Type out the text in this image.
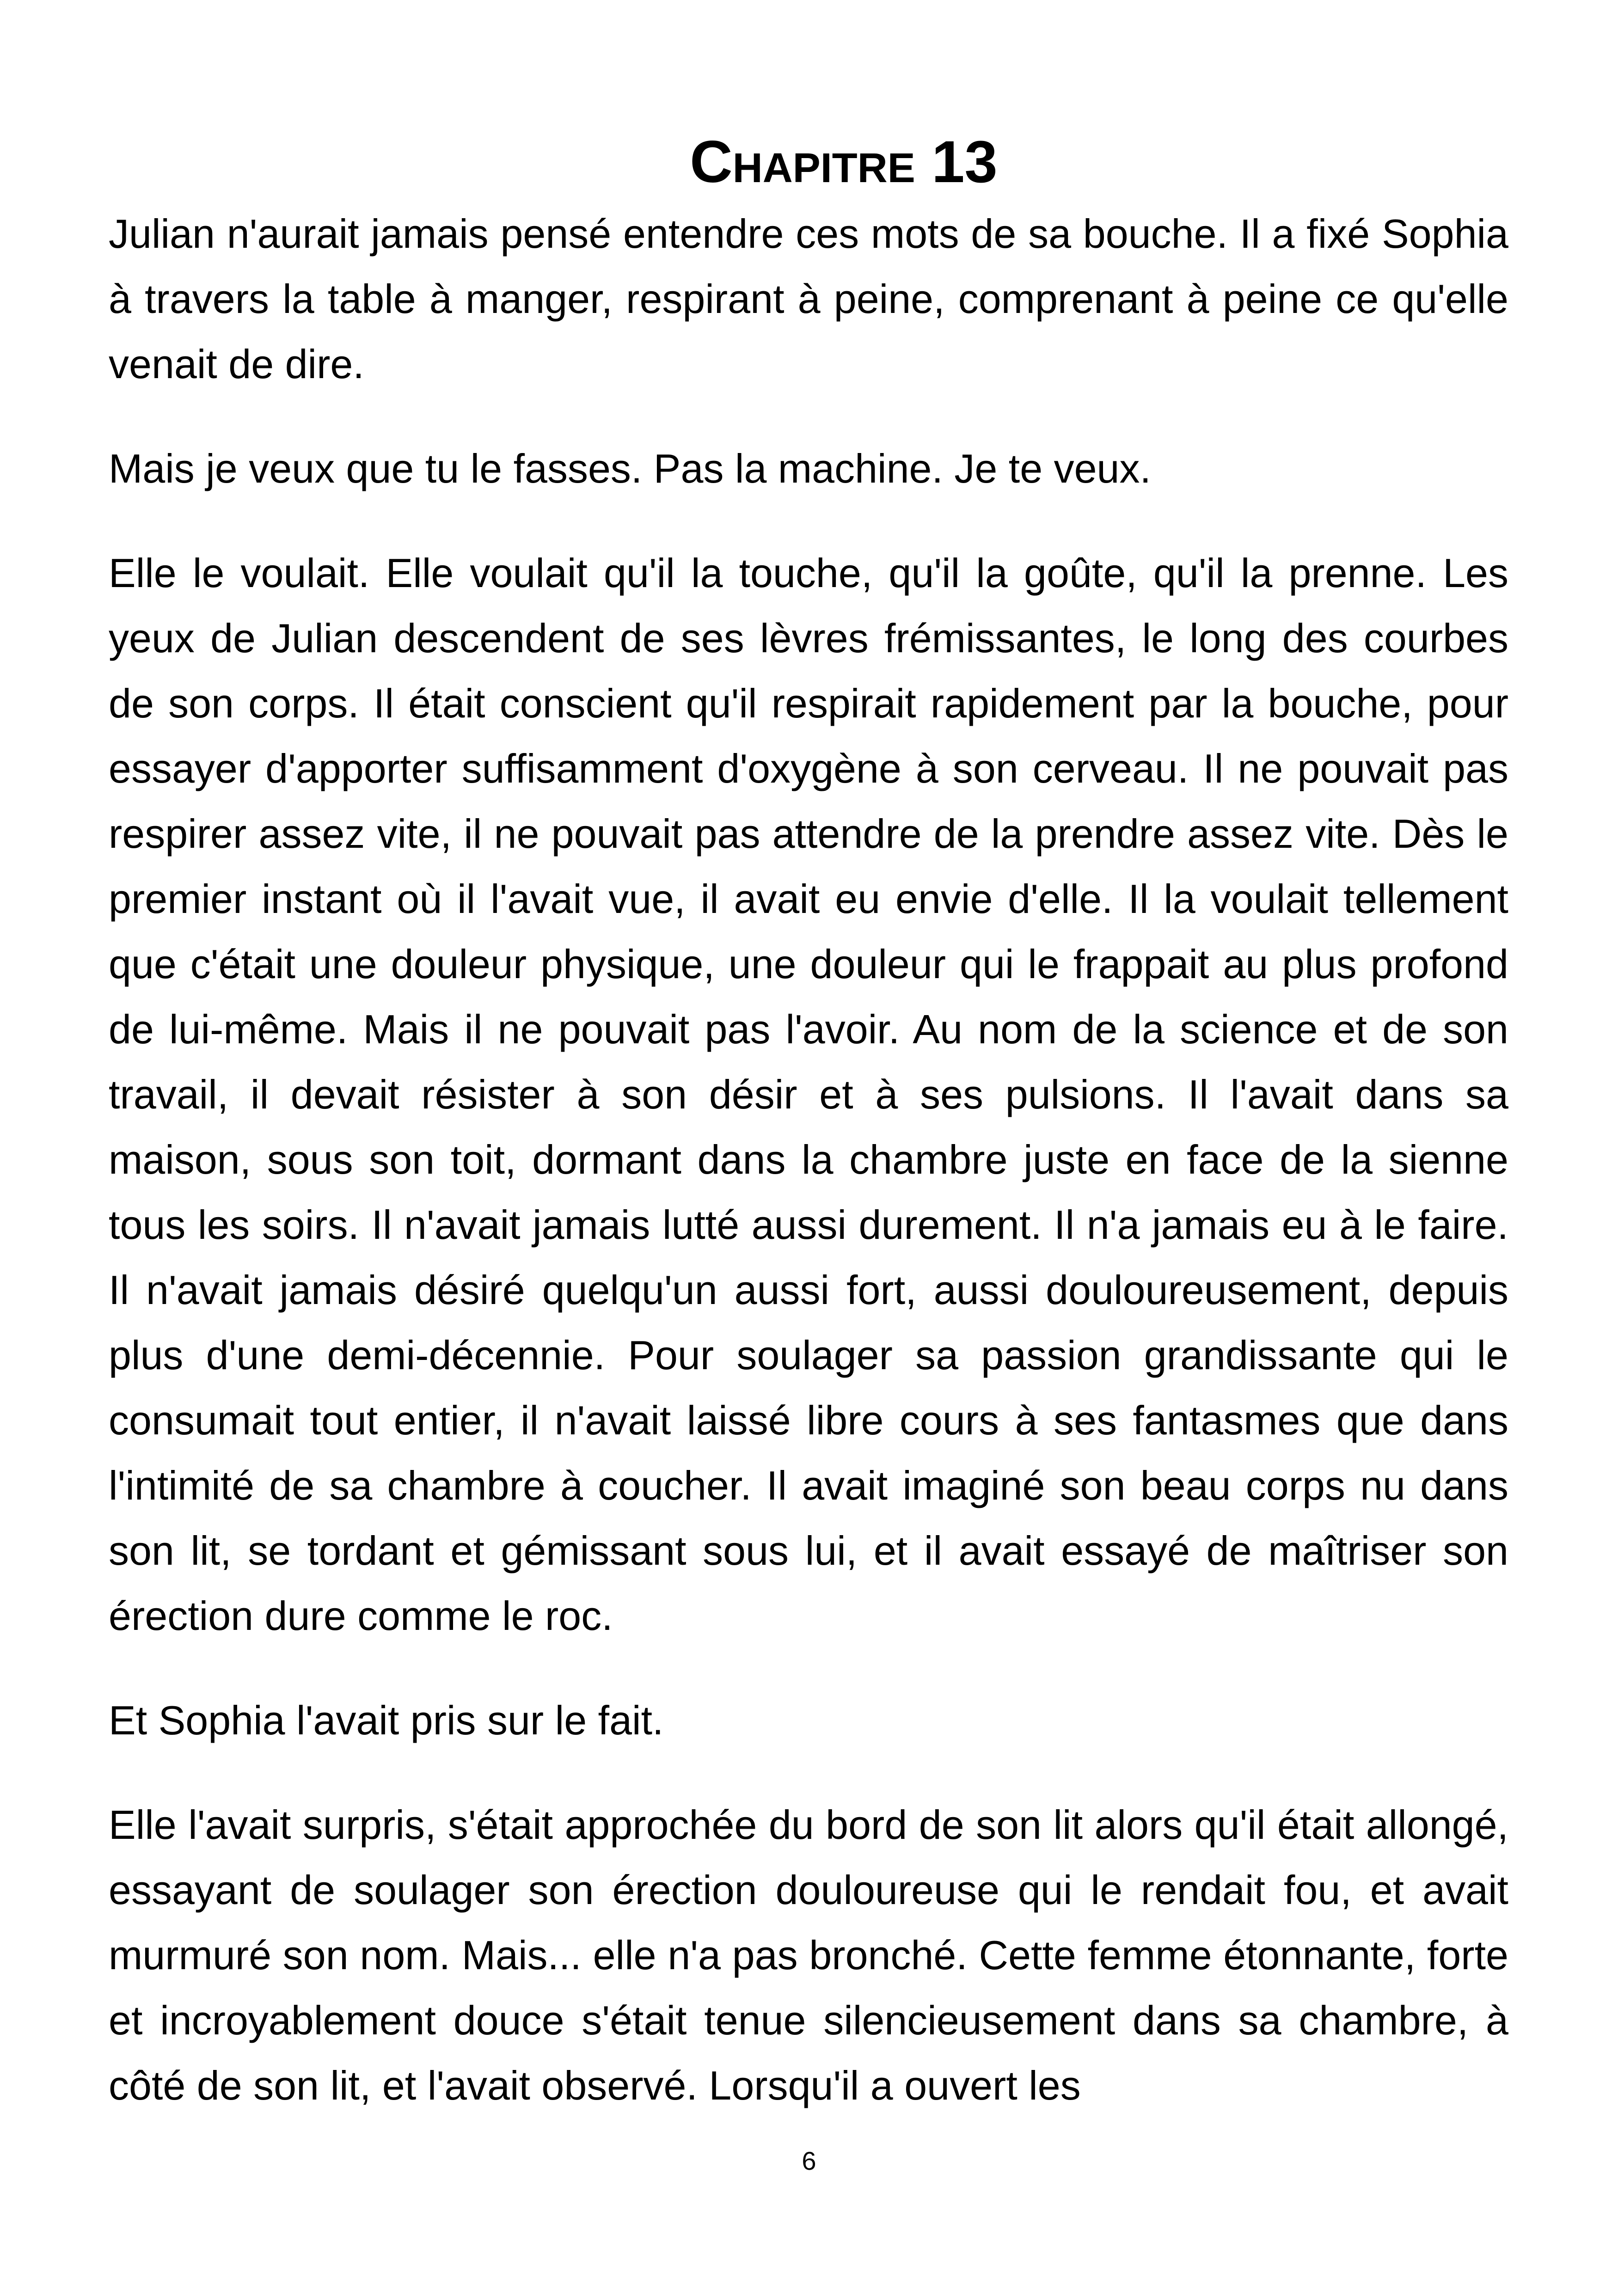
Chapitre 13

Julian n'aurait jamais pensé entendre ces mots de sa bouche. Il a fixé Sophia à travers la table à manger, respirant à peine, comprenant à peine ce qu'elle venait de dire.

Mais je veux que tu le fasses. Pas la machine. Je te veux.

Elle le voulait. Elle voulait qu'il la touche, qu'il la goûte, qu'il la prenne. Les yeux de Julian descendent de ses lèvres frémissantes, le long des courbes de son corps. Il était conscient qu'il respirait rapidement par la bouche, pour essayer d'apporter suffisamment d'oxygène à son cerveau. Il ne pouvait pas respirer assez vite, il ne pouvait pas attendre de la prendre assez vite. Dès le premier instant où il l'avait vue, il avait eu envie d'elle. Il la voulait tellement que c'était une douleur physique, une douleur qui le frappait au plus profond de lui-même. Mais il ne pouvait pas l'avoir. Au nom de la science et de son travail, il devait résister à son désir et à ses pulsions. Il l'avait dans sa maison, sous son toit, dormant dans la chambre juste en face de la sienne tous les soirs. Il n'avait jamais lutté aussi durement. Il n'a jamais eu à le faire. Il n'avait jamais désiré quelqu'un aussi fort, aussi douloureusement, depuis plus d'une demi-décennie. Pour soulager sa passion grandissante qui le consumait tout entier, il n'avait laissé libre cours à ses fantasmes que dans l'intimité de sa chambre à coucher. Il avait imaginé son beau corps nu dans son lit, se tordant et gémissant sous lui, et il avait essayé de maîtriser son érection dure comme le roc.

Et Sophia l'avait pris sur le fait.

Elle l'avait surpris, s'était approchée du bord de son lit alors qu'il était allongé, essayant de soulager son érection douloureuse qui le rendait fou, et avait murmuré son nom. Mais... elle n'a pas bronché. Cette femme étonnante, forte et incroyablement douce s'était tenue silencieusement dans sa chambre, à côté de son lit, et l'avait observé. Lorsqu'il a ouvert les

6
